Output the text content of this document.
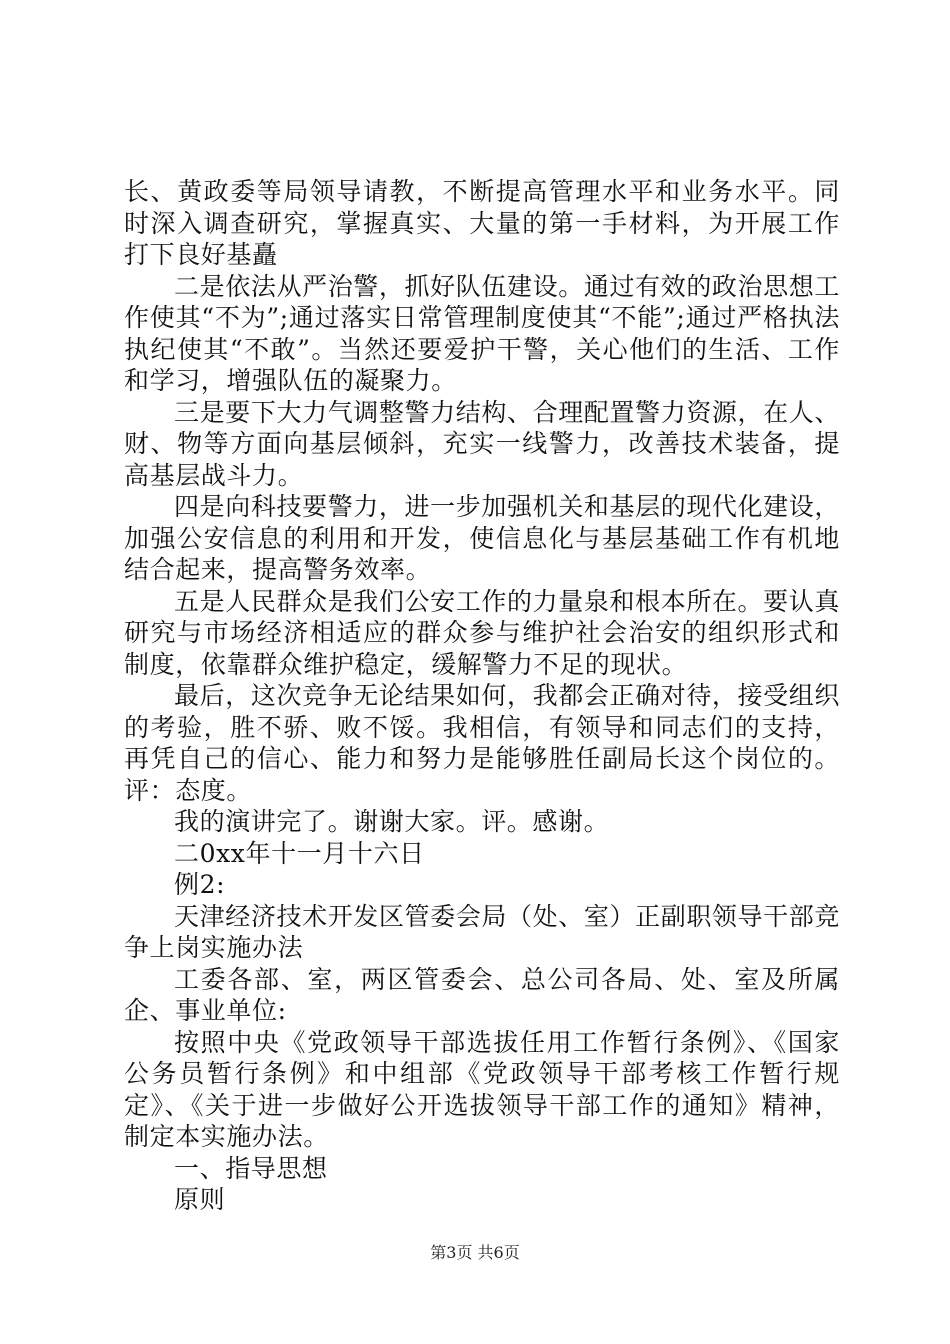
长、黄政委等局领导请教，不断提高管理水平和业务水平。同时深入调查研究，掌握真实、大量的第一手材料，为开展工作打下良好基矗

二是依法从严治警，抓好队伍建设。通过有效的政治思想工作使其“不为”;通过落实日常管理制度使其“不能”;通过严格执法执纪使其“不敢”。当然还要爱护干警，关心他们的生活、工作和学习，增强队伍的凝聚力。

三是要下大力气调整警力结构、合理配置警力资源，在人、财、物等方面向基层倾斜，充实一线警力，改善技术装备，提高基层战斗力。

四是向科技要警力，进一步加强机关和基层的现代化建设，加强公安信息的利用和开发，使信息化与基层基础工作有机地结合起来，提高警务效率。

五是人民群众是我们公安工作的力量泉和根本所在。要认真研究与市场经济相适应的群众参与维护社会治安的组织形式和制度，依靠群众维护稳定，缓解警力不足的现状。

最后，这次竞争无论结果如何，我都会正确对待，接受组织的考验，胜不骄、败不馁。我相信，有领导和同志们的支持，再凭自己的信心、能力和努力是能够胜任副局长这个岗位的。评：态度。

我的演讲完了。谢谢大家。评。感谢。

二0xx年十一月十六日

例2:

天津经济技术开发区管委会局（处、室）正副职领导干部竞争上岗实施办法

工委各部、室，两区管委会、总公司各局、处、室及所属企、事业单位:

按照中央《党政领导干部选拔任用工作暂行条例》、《国家公务员暂行条例》和中组部《党政领导干部考核工作暂行规定》、《关于进一步做好公开选拔领导干部工作的通知》精神，制定本实施办法。

一、指导思想

原则

第3页 共6页
